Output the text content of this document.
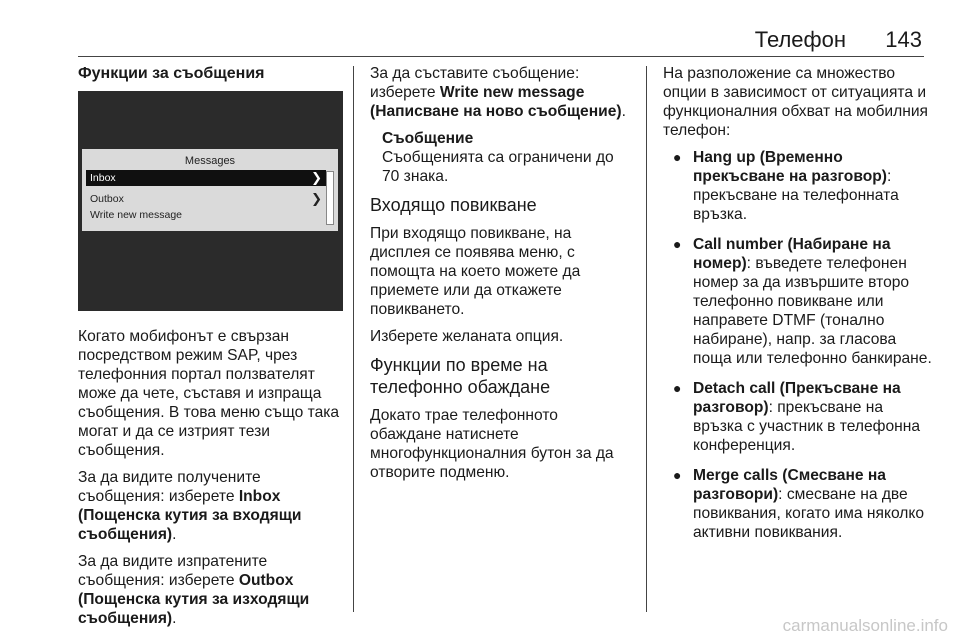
Телефон 143
Функции за съобщения
Messages
Inbox	❯
Outbox	❯
Write new message

Когато мобифонът е свързан посредством режим SAP, чрез телефонния портал ползвателят може да чете, съставя и изпраща съобщения. В това меню също така могат и да се изтрият тези съобщения.

За да видите получените съобщения: изберете Inbox (Пощенска кутия за входящи съобщения).

За да видите изпратените съобщения: изберете Outbox (Пощенска кутия за изходящи съобщения).

За да съставите съобщение: изберете Write new message (Написване на ново съобщение).

Съобщение

Съобщенията са ограничени до 70 знака.

Входящо повикване

При входящо повикване, на дисплея се появява меню, с помощта на което можете да приемете или да откажете повикването.

Изберете желаната опция.

Функции по време на телефонно обаждане

Докато трае телефонното обаждане натиснете многофункционалния бутон за да отворите подменю.

На разположение са множество опции в зависимост от ситуацията и функционалния обхват на мобилния телефон:

● Hang up (Временно прекъсване на разговор): прекъсване на телефонната връзка.
● Call number (Набиране на номер): въведете телефонен номер за да извършите второ телефонно повикване или направете DTMF (тонално набиране), напр. за гласова поща или телефонно банкиране.
● Detach call (Прекъсване на разговор): прекъсване на връзка с участник в телефонна конференция.
● Merge calls (Смесване на разговори): смесване на две повиквания, когато има няколко активни повиквания.
carmanualsonline.info
